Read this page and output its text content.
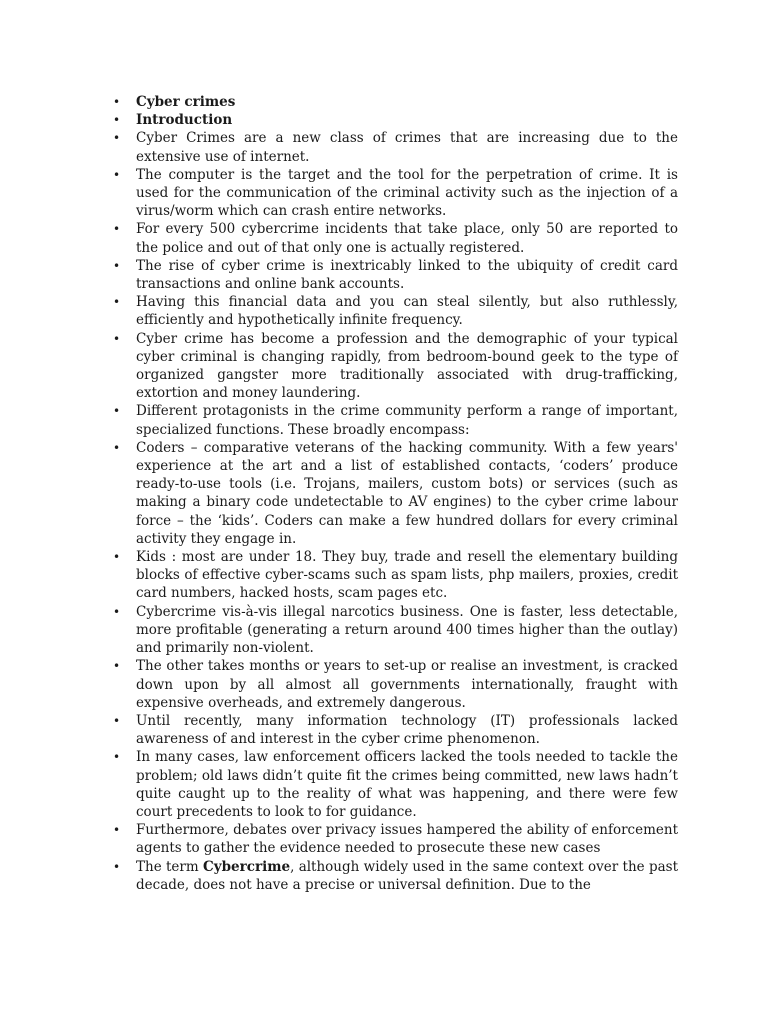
• Cyber crimes
• Introduction
• Cyber Crimes are a new class of crimes that are increasing due to the extensive use of internet.
• The computer is the target and the tool for the perpetration of crime. It is used for the communication of the criminal activity such as the injection of a virus/worm which can crash entire networks.
• For every 500 cybercrime incidents that take place, only 50 are reported to the police and out of that only one is actually registered.
• The rise of cyber crime is inextricably linked to the ubiquity of credit card transactions and online bank accounts.
• Having this financial data and you can steal silently, but also ruthlessly, efficiently and hypothetically infinite frequency.
• Cyber crime has become a profession and the demographic of your typical cyber criminal is changing rapidly, from bedroom-bound geek to the type of organized gangster more traditionally associated with drug-trafficking, extortion and money laundering.
• Different protagonists in the crime community perform a range of important, specialized functions. These broadly encompass:
• Coders – comparative veterans of the hacking community. With a few years' experience at the art and a list of established contacts, ‘coders’ produce ready-to-use tools (i.e. Trojans, mailers, custom bots) or services (such as making a binary code undetectable to AV engines) to the cyber crime labour force – the ‘kids’. Coders can make a few hundred dollars for every criminal activity they engage in.
• Kids : most are under 18. They buy, trade and resell the elementary building blocks of effective cyber-scams such as spam lists, php mailers, proxies, credit card numbers, hacked hosts, scam pages etc.
• Cybercrime vis-à-vis illegal narcotics business. One is faster, less detectable, more profitable (generating a return around 400 times higher than the outlay) and primarily non-violent.
• The other takes months or years to set-up or realise an investment, is cracked down upon by all almost all governments internationally, fraught with expensive overheads, and extremely dangerous.
• Until recently, many information technology (IT) professionals lacked awareness of and interest in the cyber crime phenomenon.
• In many cases, law enforcement officers lacked the tools needed to tackle the problem; old laws didn’t quite fit the crimes being committed, new laws hadn’t quite caught up to the reality of what was happening, and there were few court precedents to look to for guidance.
• Furthermore, debates over privacy issues hampered the ability of enforcement agents to gather the evidence needed to prosecute these new cases
• The term Cybercrime, although widely used in the same context over the past decade, does not have a precise or universal definition. Due to the
